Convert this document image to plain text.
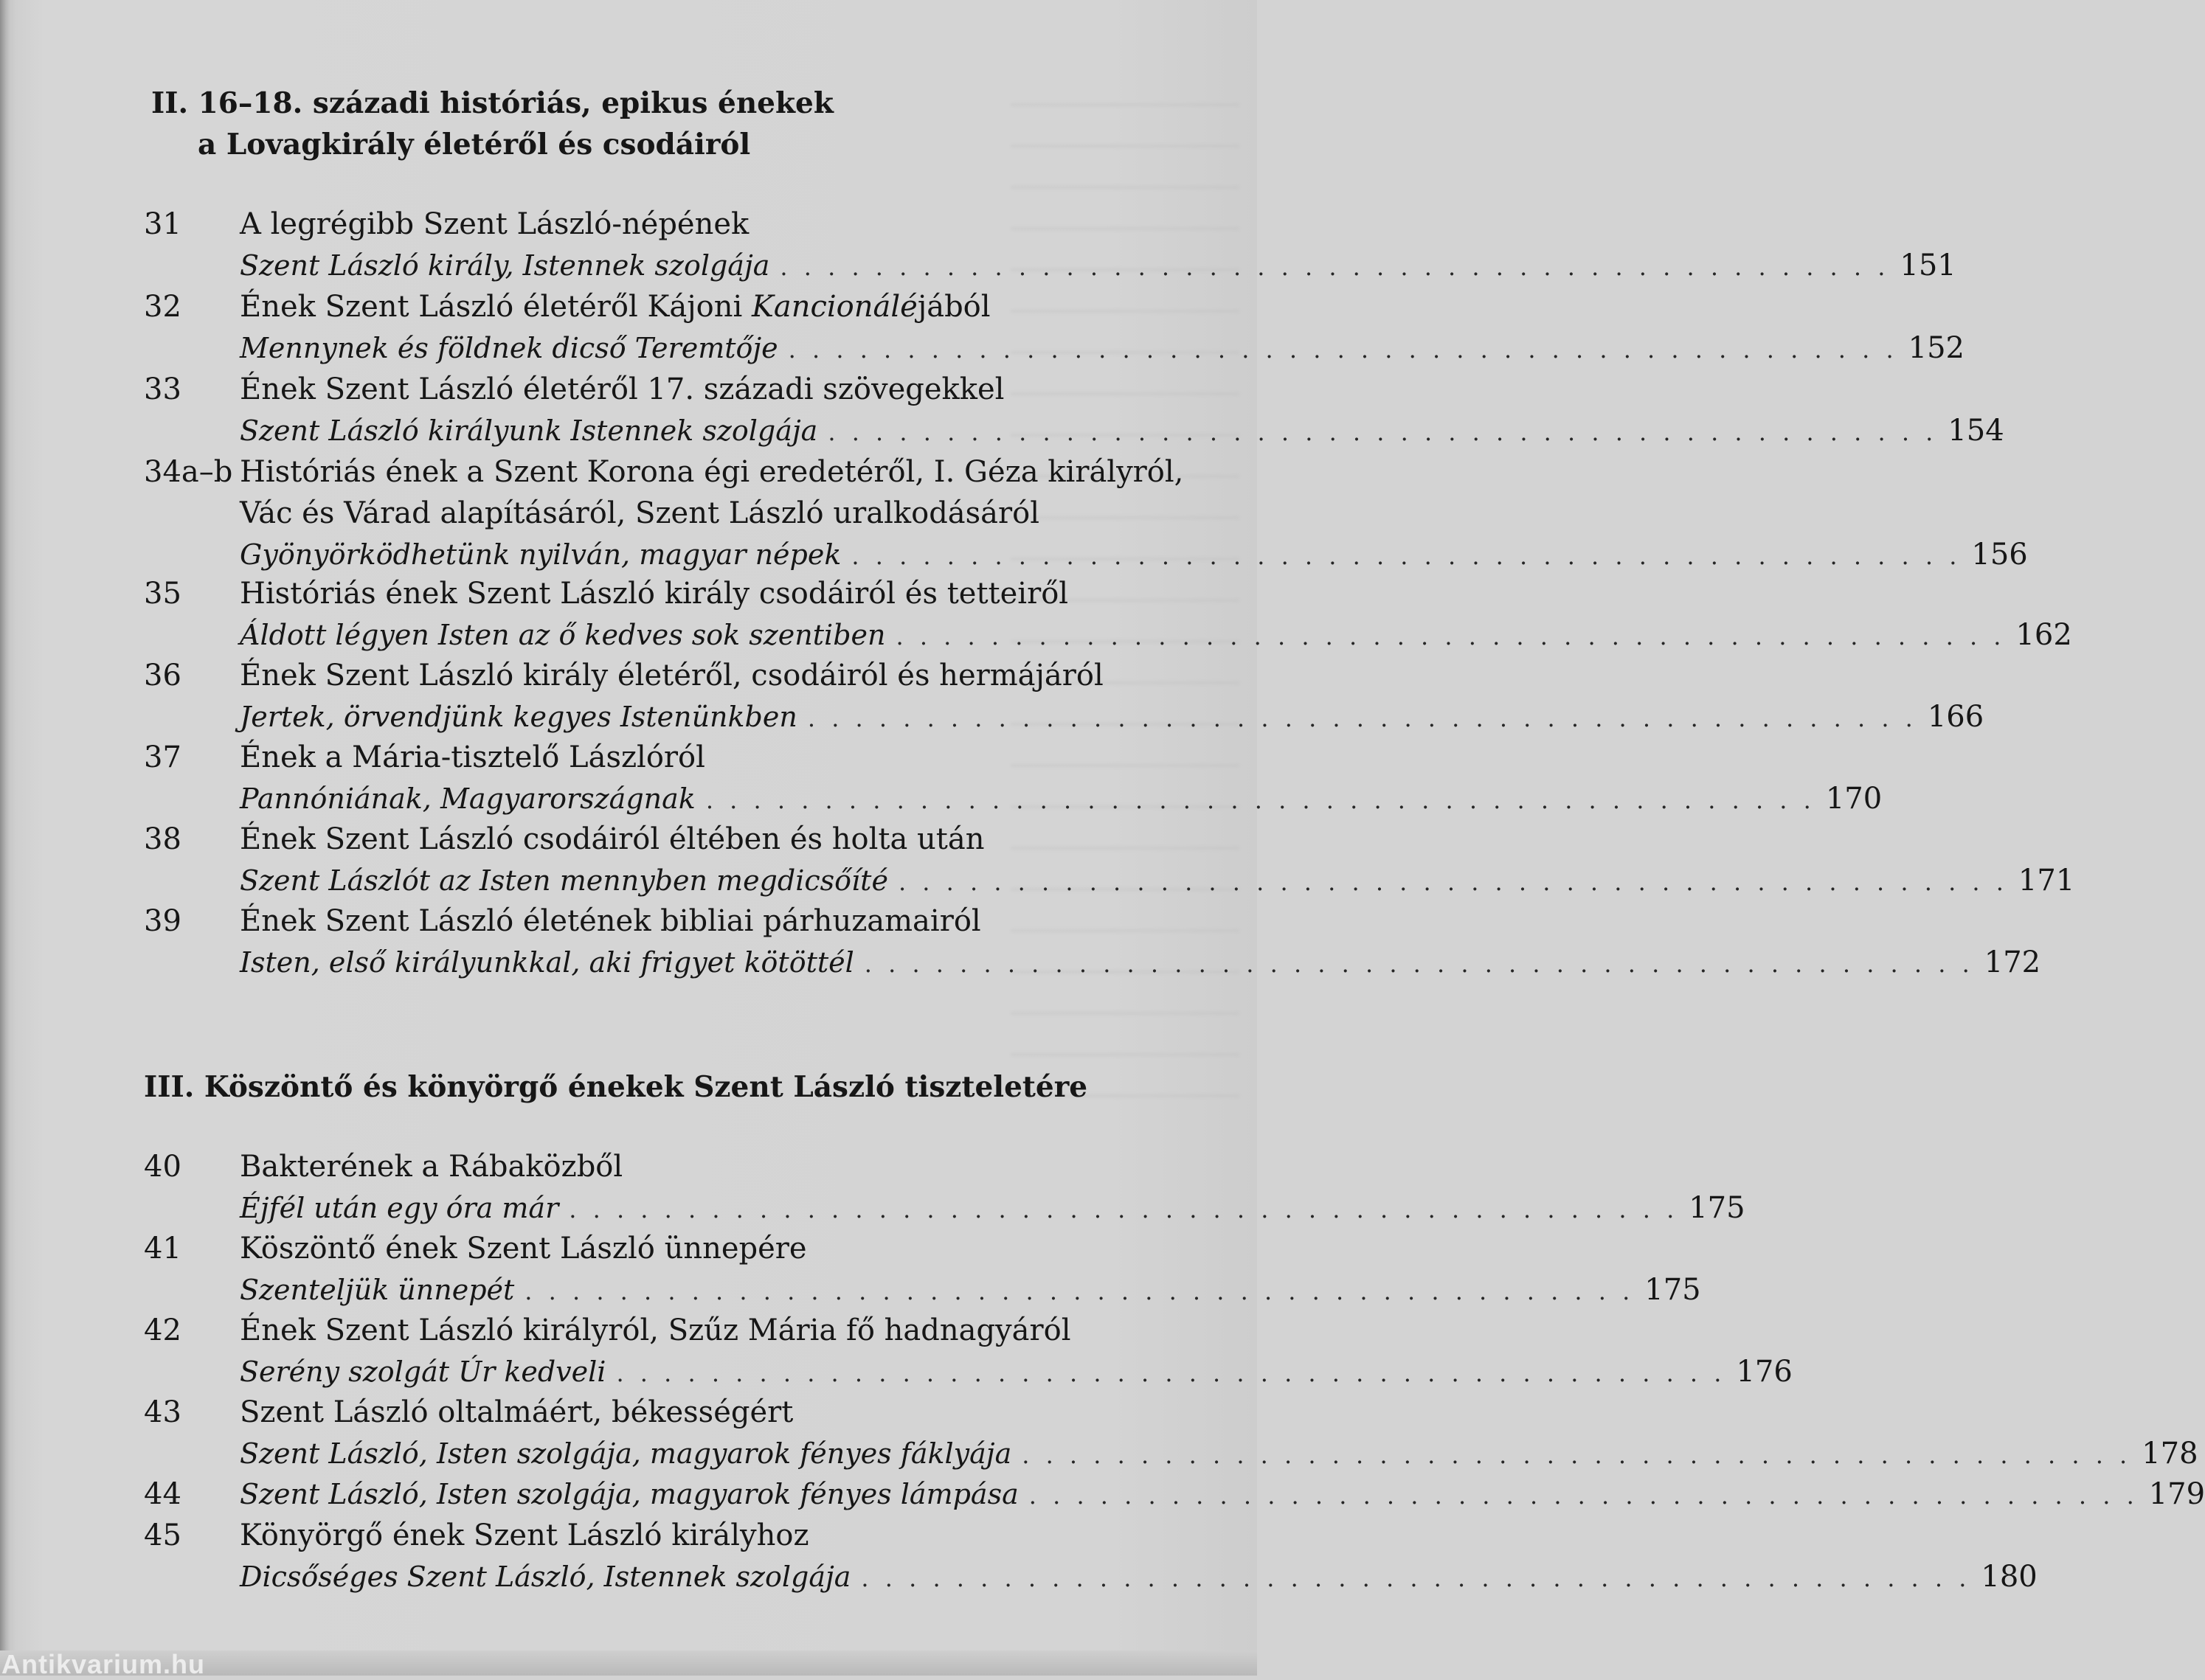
II. 16–18. századi históriás, epikus énekek
a Lovagkirály életéről és csodáiról
31 A legrégibb Szent László-népének
Szent László király, Istennek szolgája . . . . . . . . . . . . . . . . . . . . . . . . . . . . . . . . . . . . . . . . . . . . . . . 151
32 Ének Szent László életéről Kájoni Kancionáléjából
Mennynek és földnek dicső Teremtője . . . . . . . . . . . . . . . . . . . . . . . . . . . . . . . . . . . . . . . . . . . . . . . 152
33 Ének Szent László életéről 17. századi szövegekkel
Szent László királyunk Istennek szolgája . . . . . . . . . . . . . . . . . . . . . . . . . . . . . . . . . . . . . . . . . . . . . . . 154
34a–b Históriás ének a Szent Korona égi eredetéről, I. Géza királyról,
Vác és Várad alapításáról, Szent László uralkodásáról
Gyönyörködhetünk nyilván, magyar népek . . . . . . . . . . . . . . . . . . . . . . . . . . . . . . . . . . . . . . . . . . . . . . . 156
35 Históriás ének Szent László király csodáiról és tetteiről
Áldott légyen Isten az ő kedves sok szentiben . . . . . . . . . . . . . . . . . . . . . . . . . . . . . . . . . . . . . . . . . . . . . . . 162
36 Ének Szent László király életéről, csodáiról és hermájáról
Jertek, örvendjünk kegyes Istenünkben . . . . . . . . . . . . . . . . . . . . . . . . . . . . . . . . . . . . . . . . . . . . . . . 166
37 Ének a Mária-tisztelő Lászlóról
Pannóniának, Magyarországnak . . . . . . . . . . . . . . . . . . . . . . . . . . . . . . . . . . . . . . . . . . . . . . . 170
38 Ének Szent László csodáiról éltében és holta után
Szent Lászlót az Isten mennyben megdicsőíté . . . . . . . . . . . . . . . . . . . . . . . . . . . . . . . . . . . . . . . . . . . . . . . 171
39 Ének Szent László életének bibliai párhuzamairól
Isten, első királyunkkal, aki frigyet kötöttél . . . . . . . . . . . . . . . . . . . . . . . . . . . . . . . . . . . . . . . . . . . . . . . 172
III. Köszöntő és könyörgő énekek Szent László tiszteletére
40 Bakterének a Rábaközből
Éjfél után egy óra már . . . . . . . . . . . . . . . . . . . . . . . . . . . . . . . . . . . . . . . . . . . . . . . 175
41 Köszöntő ének Szent László ünnepére
Szenteljük ünnepét . . . . . . . . . . . . . . . . . . . . . . . . . . . . . . . . . . . . . . . . . . . . . . . 175
42 Ének Szent László királyról, Szűz Mária fő hadnagyáról
Serény szolgát Úr kedveli . . . . . . . . . . . . . . . . . . . . . . . . . . . . . . . . . . . . . . . . . . . . . . . 176
43 Szent László oltalmáért, békességért
Szent László, Isten szolgája, magyarok fényes fáklyája . . . . . . . . . . . . . . . . . . . . . . . . . . . . . . . . . . . . . . . . . . . . . . . 178
44 Szent László, Isten szolgája, magyarok fényes lámpása . . . . . . . . . . . . . . . . . . . . . . . . . . . . . . . . . . . . . . . . . . . . . . . 179
45 Könyörgő ének Szent László királyhoz
Dicsőséges Szent László, Istennek szolgája . . . . . . . . . . . . . . . . . . . . . . . . . . . . . . . . . . . . . . . . . . . . . . . 180
Antikvarium.hu
